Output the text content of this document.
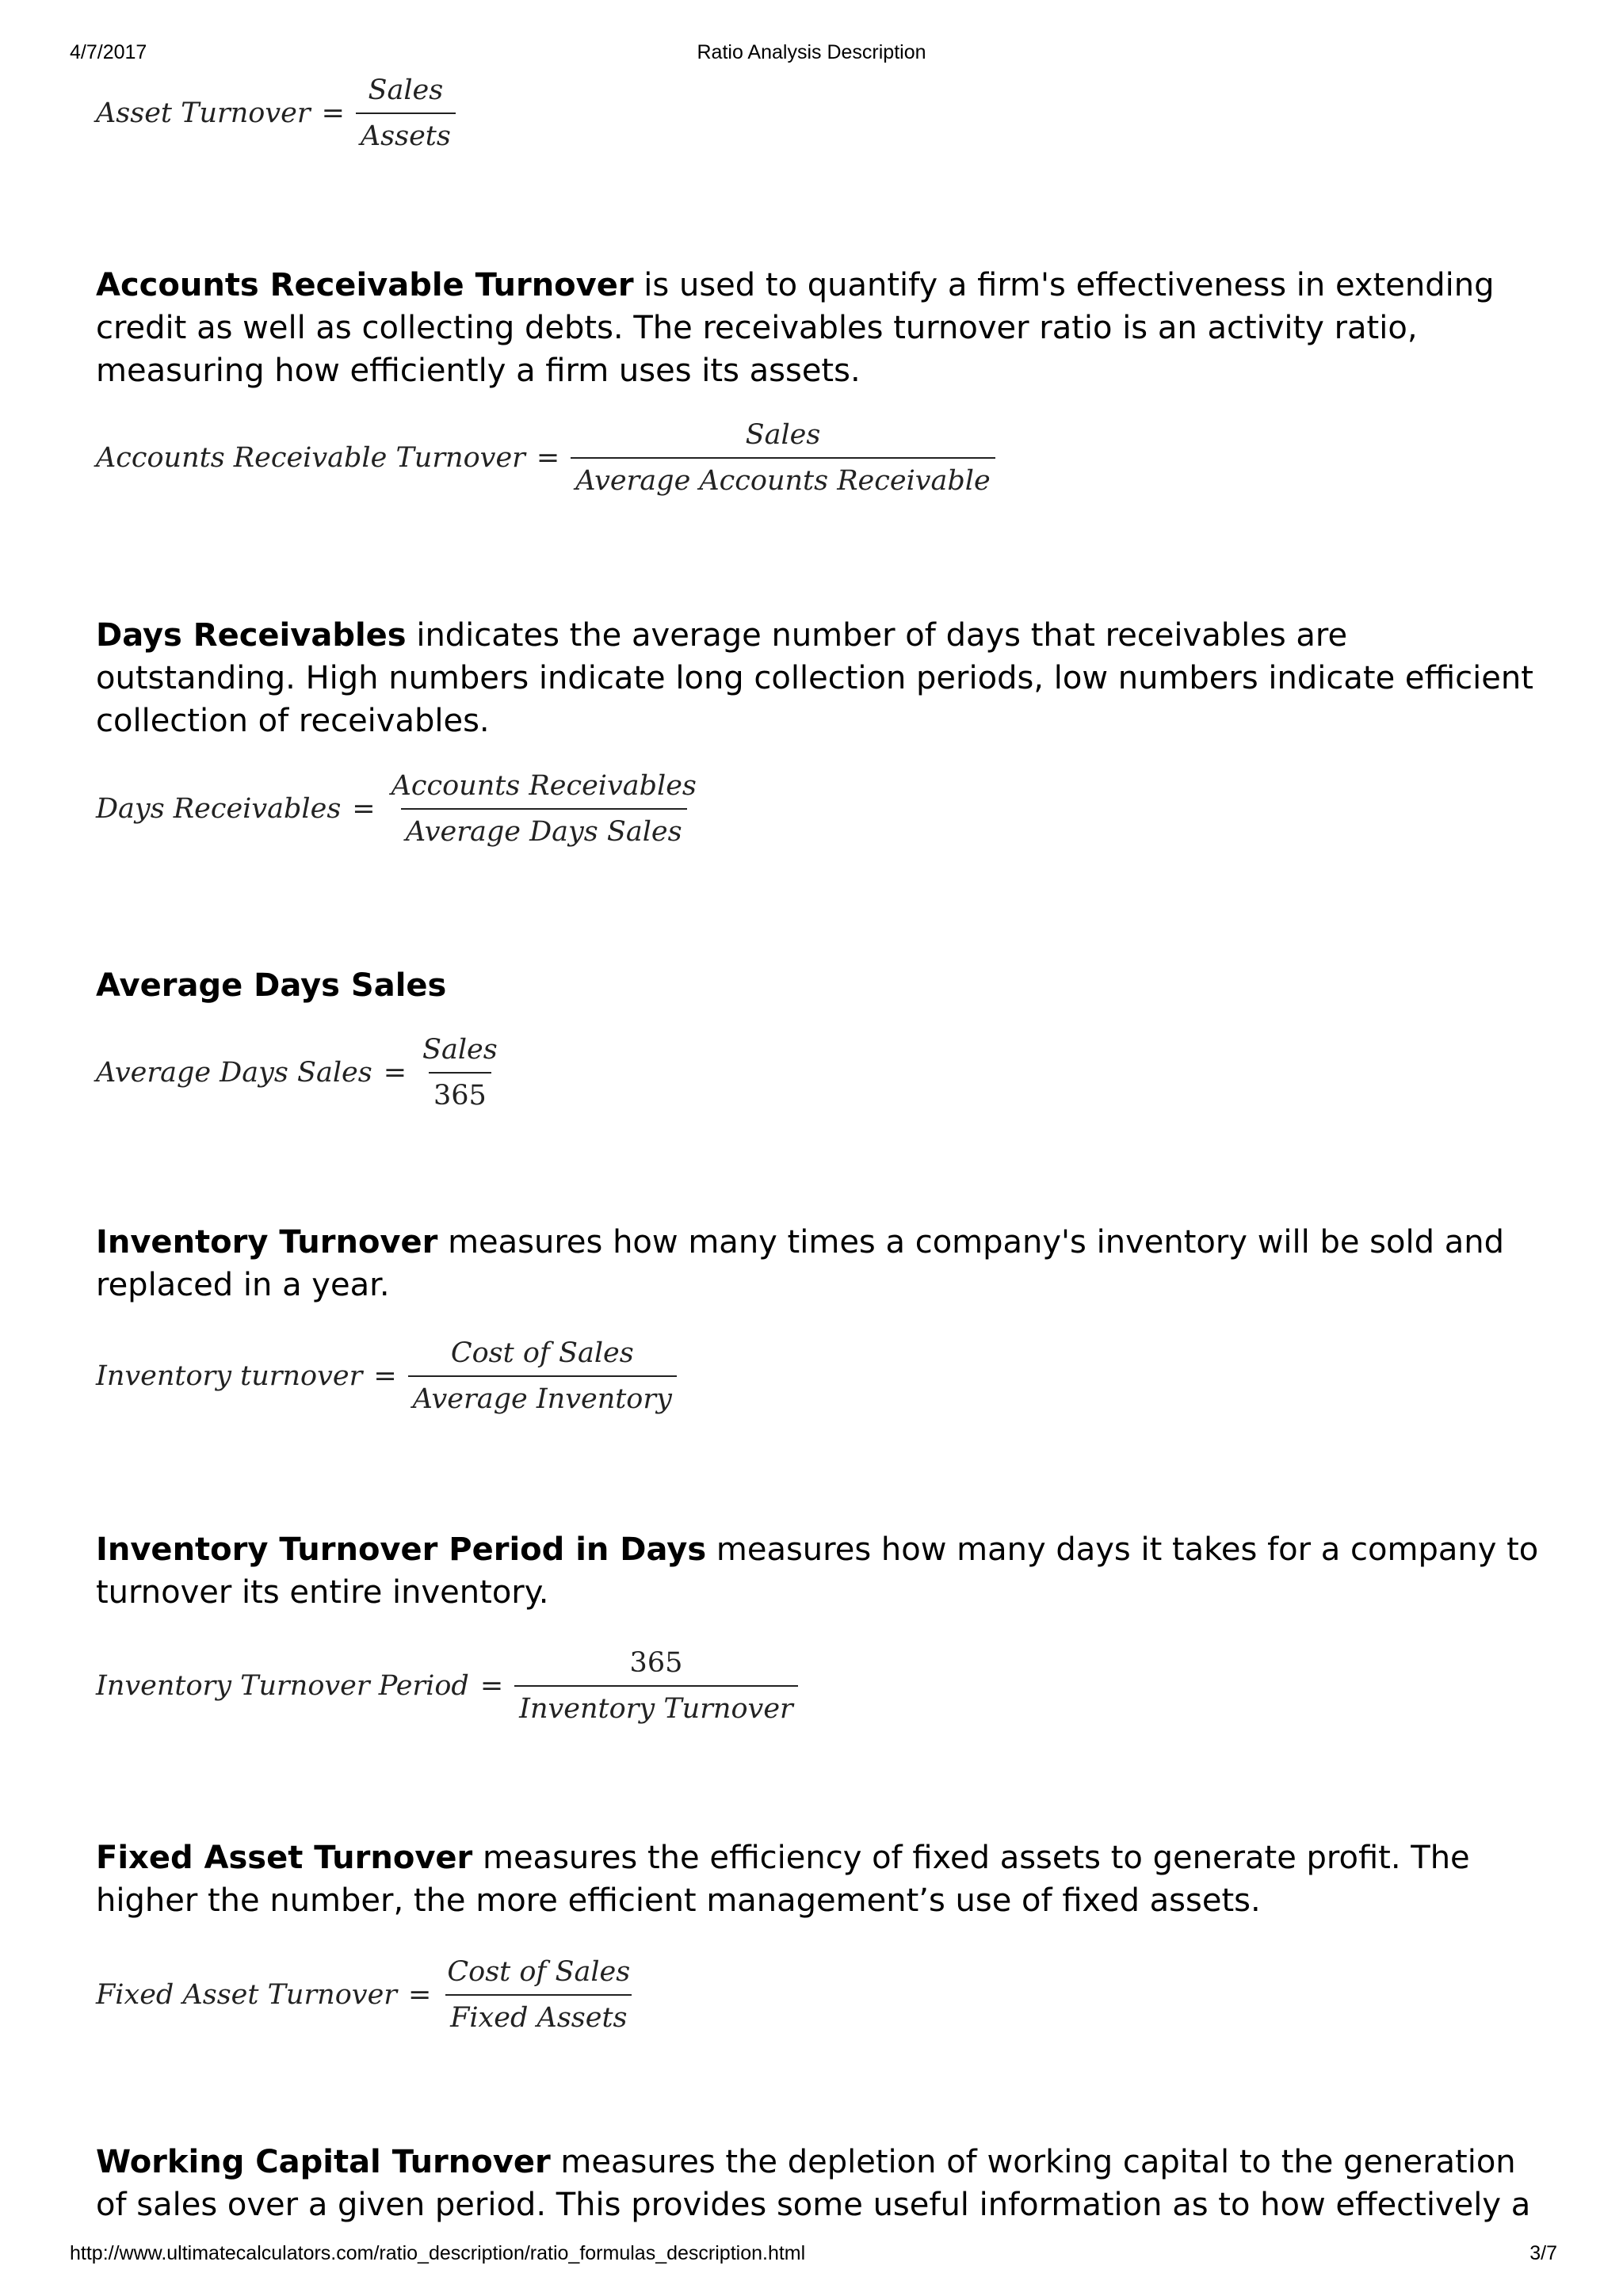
4/7/2017	Ratio Analysis Description
Asset Turnover = $\frac{\text{Sales}}{\text{Assets}}$

Accounts Receivable Turnover is used to quantify a firm's effectiveness in extending credit as well as collecting debts. The receivables turnover ratio is an activity ratio, measuring how efficiently a firm uses its assets.

Accounts Receivable Turnover = $\frac{\text{Sales}}{\text{Average Accounts Receivable}}$

Days Receivables indicates the average number of days that receivables are outstanding. High numbers indicate long collection periods, low numbers indicate efficient collection of receivables.

Days Receivables = $\frac{\text{Accounts Receivables}}{\text{Average Days Sales}}$

Average Days Sales

Average Days Sales = $\frac{\text{Sales}}{365}$

Inventory Turnover measures how many times a company's inventory will be sold and replaced in a year.

Inventory turnover = $\frac{\text{Cost of Sales}}{\text{Average Inventory}}$

Inventory Turnover Period in Days measures how many days it takes for a company to turnover its entire inventory.

Inventory Turnover Period = $\frac{365}{\text{Inventory Turnover}}$

Fixed Asset Turnover measures the efficiency of fixed assets to generate profit. The higher the number, the more efficient management’s use of fixed assets.

Fixed Asset Turnover = $\frac{\text{Cost of Sales}}{\text{Fixed Assets}}$

Working Capital Turnover measures the depletion of working capital to the generation of sales over a given period. This provides some useful information as to how effectively a

http://www.ultimatecalculators.com/ratio_description/ratio_formulas_description.html	3/7
